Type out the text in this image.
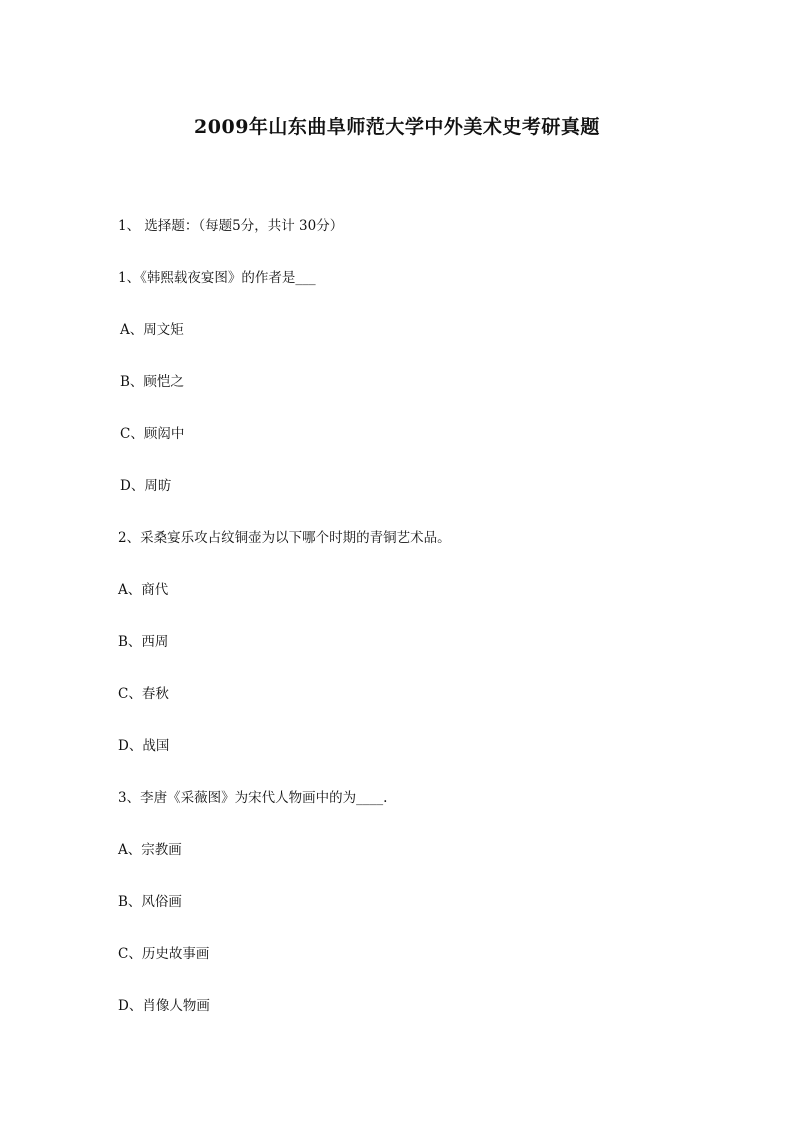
2009年山东曲阜师范大学中外美术史考研真题
1、 选择题：（每题5分，共计 30分）
1、《韩熙载夜宴图》的作者是___
A、周文矩
B、顾恺之
C、顾闳中
D、周昉
2、采桑宴乐攻占纹铜壶为以下哪个时期的青铜艺术品。
A、商代
B、西周
C、春秋
D、战国
3、李唐《采薇图》为宋代人物画中的为____.
A、宗教画
B、风俗画
C、历史故事画
D、肖像人物画
